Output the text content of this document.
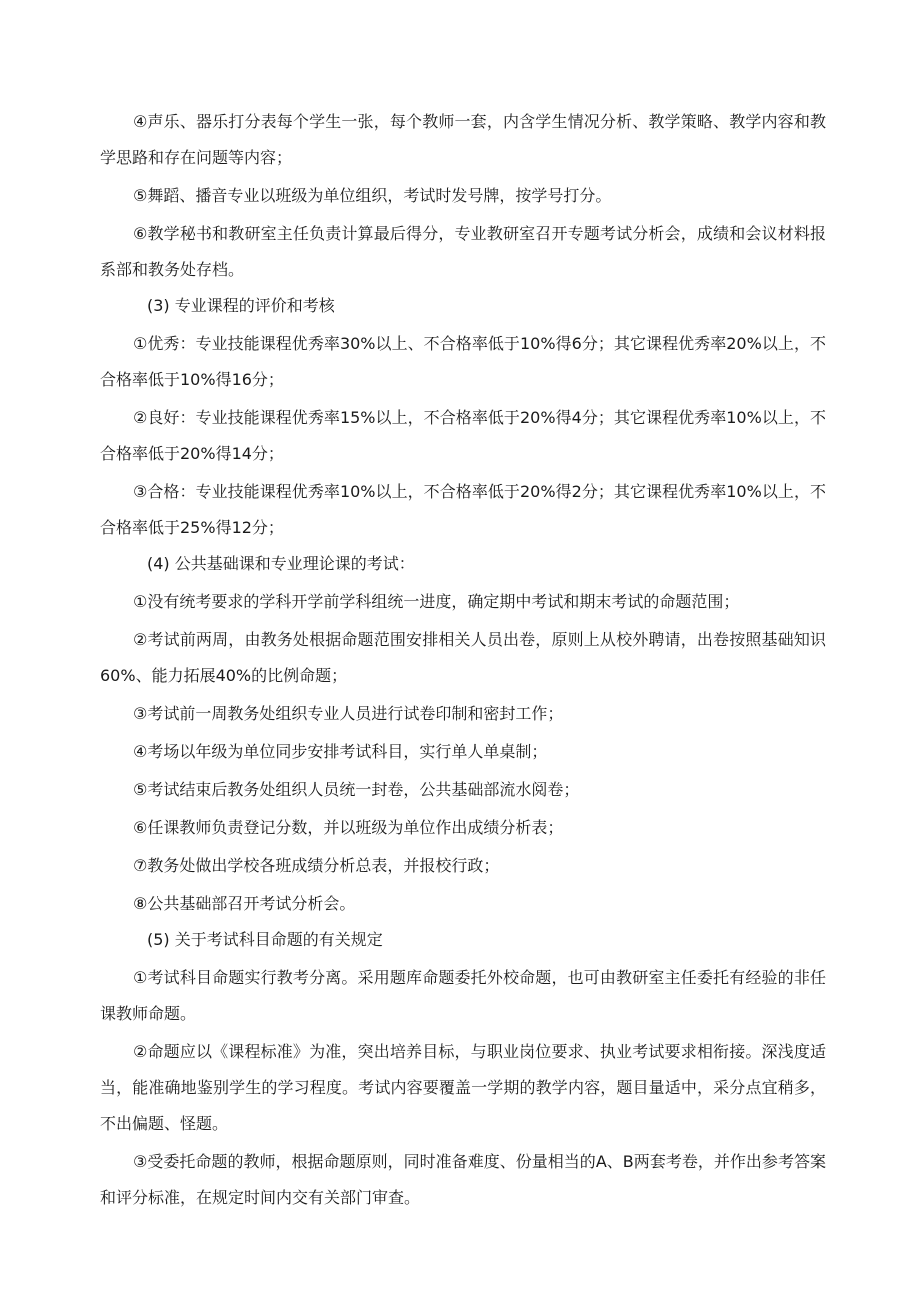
④声乐、器乐打分表每个学生一张，每个教师一套，内含学生情况分析、教学策略、教学内容和教学思路和存在问题等内容；

⑤舞蹈、播音专业以班级为单位组织，考试时发号牌，按学号打分。

⑥教学秘书和教研室主任负责计算最后得分，专业教研室召开专题考试分析会，成绩和会议材料报系部和教务处存档。

(3) 专业课程的评价和考核

①优秀：专业技能课程优秀率30%以上、不合格率低于10%得6分；其它课程优秀率20%以上，不合格率低于10%得16分；

②良好：专业技能课程优秀率15%以上，不合格率低于20%得4分；其它课程优秀率10%以上，不合格率低于20%得14分；

③合格：专业技能课程优秀率10%以上，不合格率低于20%得2分；其它课程优秀率10%以上，不合格率低于25%得12分；

(4) 公共基础课和专业理论课的考试：

①没有统考要求的学科开学前学科组统一进度，确定期中考试和期末考试的命题范围；

②考试前两周，由教务处根据命题范围安排相关人员出卷，原则上从校外聘请，出卷按照基础知识60%、能力拓展40%的比例命题；

③考试前一周教务处组织专业人员进行试卷印制和密封工作；

④考场以年级为单位同步安排考试科目，实行单人单桌制；

⑤考试结束后教务处组织人员统一封卷，公共基础部流水阅卷；

⑥任课教师负责登记分数，并以班级为单位作出成绩分析表；

⑦教务处做出学校各班成绩分析总表，并报校行政；

⑧公共基础部召开考试分析会。

(5) 关于考试科目命题的有关规定

①考试科目命题实行教考分离。采用题库命题委托外校命题，也可由教研室主任委托有经验的非任课教师命题。

②命题应以《课程标准》为准，突出培养目标，与职业岗位要求、执业考试要求相衔接。深浅度适当，能准确地鉴别学生的学习程度。考试内容要覆盖一学期的教学内容，题目量适中，采分点宜稍多，不出偏题、怪题。

③受委托命题的教师，根据命题原则，同时准备难度、份量相当的A、B两套考卷，并作出参考答案和评分标准，在规定时间内交有关部门审查。
